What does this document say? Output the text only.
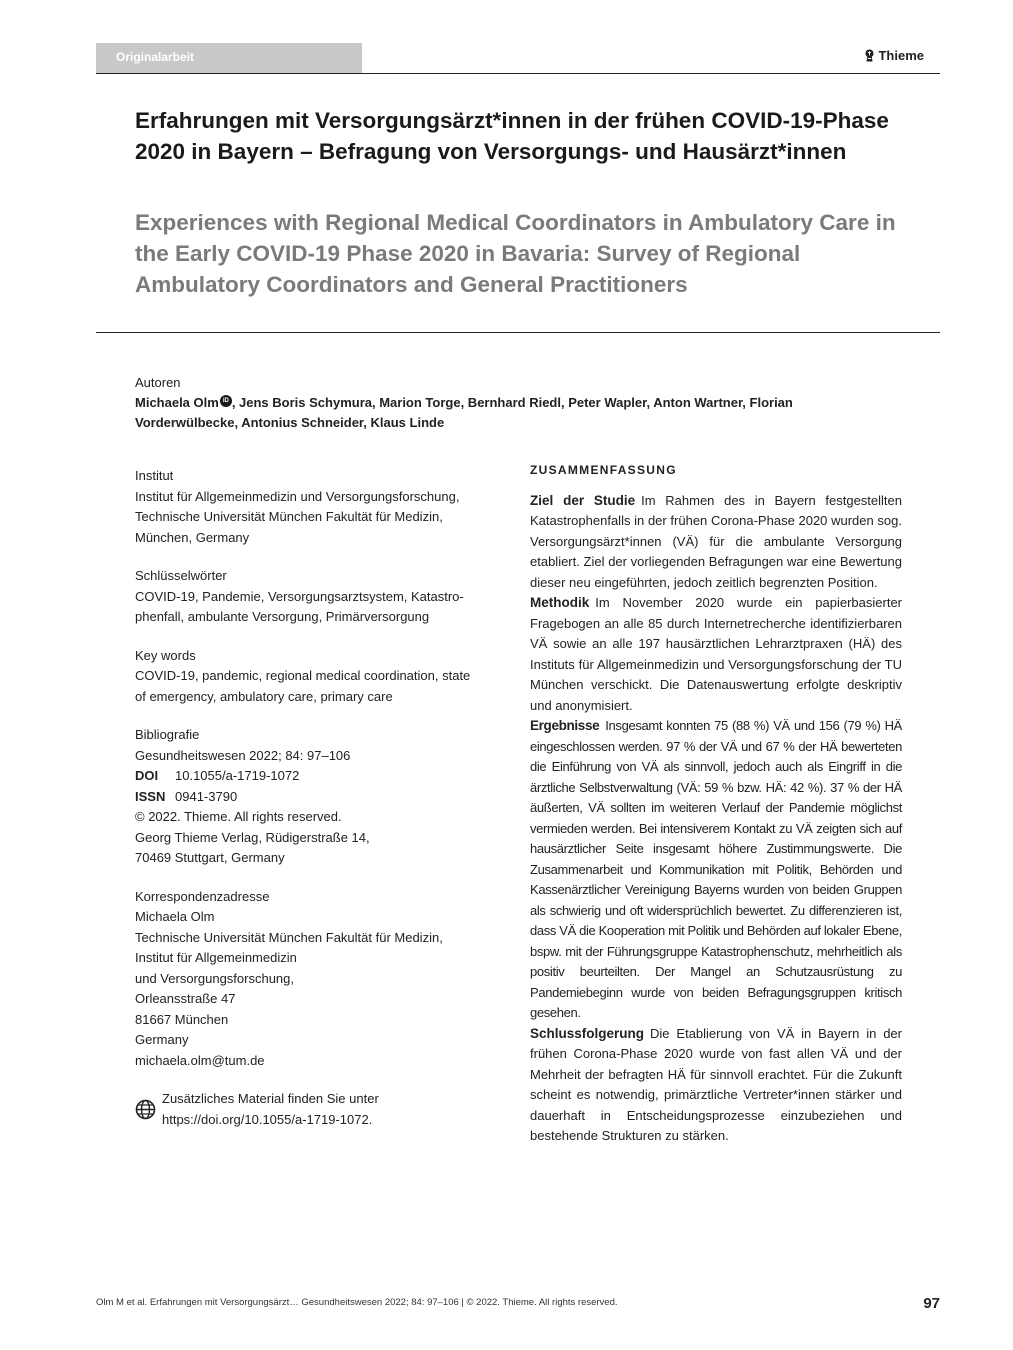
Originalarbeit	Thieme
Erfahrungen mit Versorgungsärzt*innen in der frühen COVID-19-Phase 2020 in Bayern – Befragung von Versorgungs- und Hausärzt*innen
Experiences with Regional Medical Coordinators in Ambulatory Care in the Early COVID-19 Phase 2020 in Bavaria: Survey of Regional Ambulatory Coordinators and General Practitioners
Autoren
Michaela Olm iD , Jens Boris Schymura, Marion Torge, Bernhard Riedl, Peter Wapler, Anton Wartner, Florian Vorderwülbecke, Antonius Schneider, Klaus Linde
Institut
Institut für Allgemeinmedizin und Versorgungsforschung,
Technische Universität München Fakultät für Medizin,
München, Germany
Schlüsselwörter
COVID-19, Pandemie, Versorgungsarztsystem, Katastro-
phenfall, ambulante Versorgung, Primärversorgung
Key words
COVID-19, pandemic, regional medical coordination, state
of emergency, ambulatory care, primary care
Bibliografie
Gesundheitswesen 2022; 84: 97–106
DOI 10.1055/a-1719-1072
ISSN 0941-3790
© 2022. Thieme. All rights reserved.
Georg Thieme Verlag, Rüdigerstraße 14,
70469 Stuttgart, Germany
Korrespondenzadresse
Michaela Olm
Technische Universität München Fakultät für Medizin,
Institut für Allgemeinmedizin
und Versorgungsforschung,
Orleansstraße 47
81667 München
Germany
michaela.olm@tum.de
Zusätzliches Material finden Sie unter
https://doi.org/10.1055/a-1719-1072.
ZUSAMMENFASSUNG

Ziel der Studie Im Rahmen des in Bayern festgestellten Katastrophenfalls in der frühen Corona-Phase 2020 wurden sog. Versorgungsärzt*innen (VÄ) für die ambulante Versorgung etabliert. Ziel der vorliegenden Befragungen war eine Bewertung dieser neu eingeführten, jedoch zeitlich begrenzten Position.

Methodik Im November 2020 wurde ein papierbasierter Fragebogen an alle 85 durch Internetrecherche identifizierbaren VÄ sowie an alle 197 hausärztlichen Lehrarztpraxen (HÄ) des Instituts für Allgemeinmedizin und Versorgungsforschung der TU München verschickt. Die Datenauswertung erfolgte deskriptiv und anonymisiert.

Ergebnisse Insgesamt konnten 75 (88 %) VÄ und 156 (79 %) HÄ eingeschlossen werden. 97 % der VÄ und 67 % der HÄ bewerteten die Einführung von VÄ als sinnvoll, jedoch auch als Eingriff in die ärztliche Selbstverwaltung (VÄ: 59 % bzw. HÄ: 42 %). 37 % der HÄ äußerten, VÄ sollten im weiteren Verlauf der Pandemie möglichst vermieden werden. Bei intensiverem Kontakt zu VÄ zeigten sich auf hausärztlicher Seite insgesamt höhere Zustimmungswerte. Die Zusammenarbeit und Kommunikation mit Politik, Behörden und Kassenärztlicher Vereinigung Bayerns wurden von beiden Gruppen als schwierig und oft widersprüchlich bewertet. Zu differenzieren ist, dass VÄ die Kooperation mit Politik und Behörden auf lokaler Ebene, bspw. mit der Führungsgruppe Katastrophenschutz, mehrheitlich als positiv beurteilten. Der Mangel an Schutzausrüstung zu Pandemiebeginn wurde von beiden Befragungsgruppen kritisch gesehen.

Schlussfolgerung Die Etablierung von VÄ in Bayern in der frühen Corona-Phase 2020 wurde von fast allen VÄ und der Mehrheit der befragten HÄ für sinnvoll erachtet. Für die Zukunft scheint es notwendig, primärztliche Vertreter*innen stärker und dauerhaft in Entscheidungsprozesse einzubeziehen und bestehende Strukturen zu stärken.

Olm M et al. Erfahrungen mit Versorgungsärzt… Gesundheitswesen 2022; 84: 97–106 | © 2022. Thieme. All rights reserved.	97
